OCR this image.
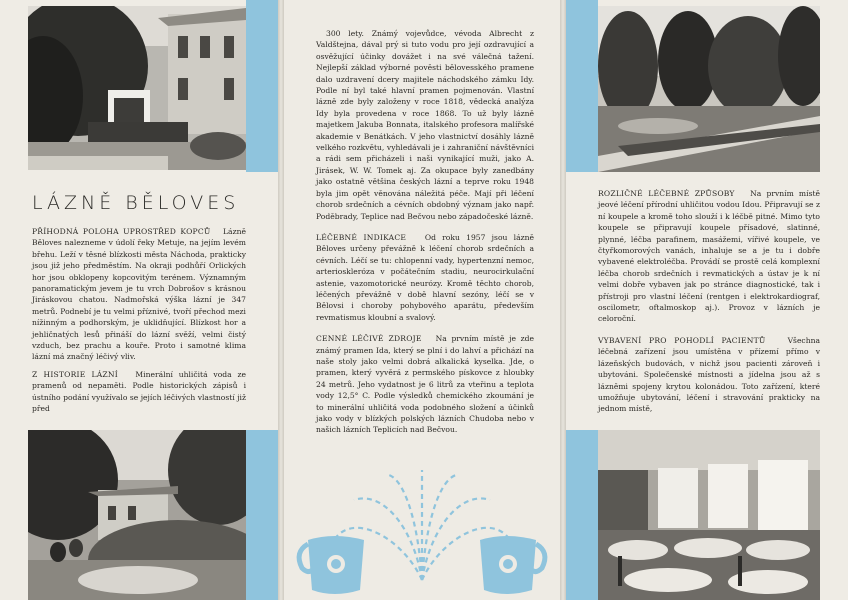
LÁZNĚ BĚLOVES

PŘÍHODNÁ POLOHA UPROSTŘED KOPCŮ Lázně Běloves nalezneme v údolí řeky Metuje, na jejím levém břehu. Leží v těsné blízkosti města Náchoda, prakticky jsou již jeho předměstím. Na okraji podhůří Orlických hor jsou obklopeny kopcovitým terénem. Významným panoramatickým jevem je tu vrch Dobrošov s krásnou Jiráskovou chatou. Nadmořská výška lázní je 347 metrů. Podnebí je tu velmi příznivé, tvoří přechod mezi nížinným a podhorským, je uklidňující. Blízkost hor a jehličnatých lesů přináší do lázní svěží, velmi čistý vzduch, bez prachu a kouře. Proto i samotné klima lázní má značný léčivý vliv.

Z HISTORIE LÁZNÍ Minerální uhličitá voda ze pramenů od nepaměti. Podle historických zápisů i ústního podání využívalo se jejích léčivých vlastností již před

300 lety. Známý vojevůdce, vévoda Albrecht z Valdštejna, dával prý si tuto vodu pro její ozdravující a osvěžující účinky dovážet i na své válečná tažení. Nejlepší základ výborné pověsti bělovesského pramene dalo uzdravení dcery majitele náchodského zámku Idy. Podle ní byl také hlavní pramen pojmenován. Vlastní lázně zde byly založeny v roce 1818, vědecká analýza Idy byla provedena v roce 1868. To už byly lázně majetkem Jakuba Bonnata, italského profesora malířské akademie v Benátkách. V jeho vlastnictví dosáhly lázně velkého rozkvětu, vyhledávali je i zahraniční návštěvníci a rádi sem přicházeli i naši vynikající muži, jako A. Jirásek, W. W. Tomek aj. Za okupace byly zanedbány jako ostatně většina českých lázní a teprve roku 1948 byla jim opět věnována náležitá péče. Mají při léčení chorob srdečních a cévních obdobný význam jako např. Poděbrady, Teplice nad Bečvou nebo západočeské lázně.

LÉČEBNÉ INDIKACE Od roku 1957 jsou lázně Běloves určeny převážně k léčení chorob srdečních a cévních. Léčí se tu: chlopenní vady, hypertenzní nemoc, arterioskleróza v počátečním stadiu, neurocirkulační astenie, vazomotorické neurózy. Kromě těchto chorob, léčených převážně v době hlavní sezóny, léčí se v Bělovsi i choroby pohybového aparátu, především revmatismus kloubní a svalový.

CENNÉ LÉČIVÉ ZDROJE Na prvním místě je zde známý pramen Ida, který se plní i do lahví a přichází na naše stoly jako velmi dobrá alkalická kyselka. Jde, o pramen, který vyvěrá z permského pískovce z hloubky 24 metrů. Jeho vydatnost je 6 litrů za vteřinu a teplota vody 12,5° C. Podle výsledků chemického zkoumání je to minerální uhličitá voda podobného složení a účinků jako vody v blízkých polských lázních Chudoba nebo v našich lázních Teplicích nad Bečvou.

ROZLIČNÉ LÉČEBNÉ ZPŮSOBY Na prvním místě jeové léčení přírodní uhličitou vodou Idou. Připravují se z ní koupele a kromě toho slouží i k léčbě pitné. Mimo tyto koupele se připravují koupele přísadové, slatinné, plynné, léčba parafinem, masážemi, vířivé koupele, ve čtyřkomorových vanách, inhaluje se a je tu i dobře vybavené elektroléčba. Provádí se prostě celá komplexní léčba chorob srdečních i revmatických a ústav je k ní velmi dobře vybaven jak po stránce diagnostické, tak i přístroji pro vlastní léčení (rentgen i elektrokardiograf, oscilometr, oftalmoskop aj.). Provoz v lázních je celoroční.

VYBAVENÍ PRO POHODLÍ PACIENTŮ	Všechna léčebná zařízení jsou umístěna v přízemí přímo v lázeňských budovách, v nichž jsou pacienti zároveň i ubytováni. Společenské místnosti a jídelna jsou až s lázněmi spojeny krytou kolonádou. Toto zařízení, které umožňuje ubytování, léčení i stravování prakticky na jednom místě,
